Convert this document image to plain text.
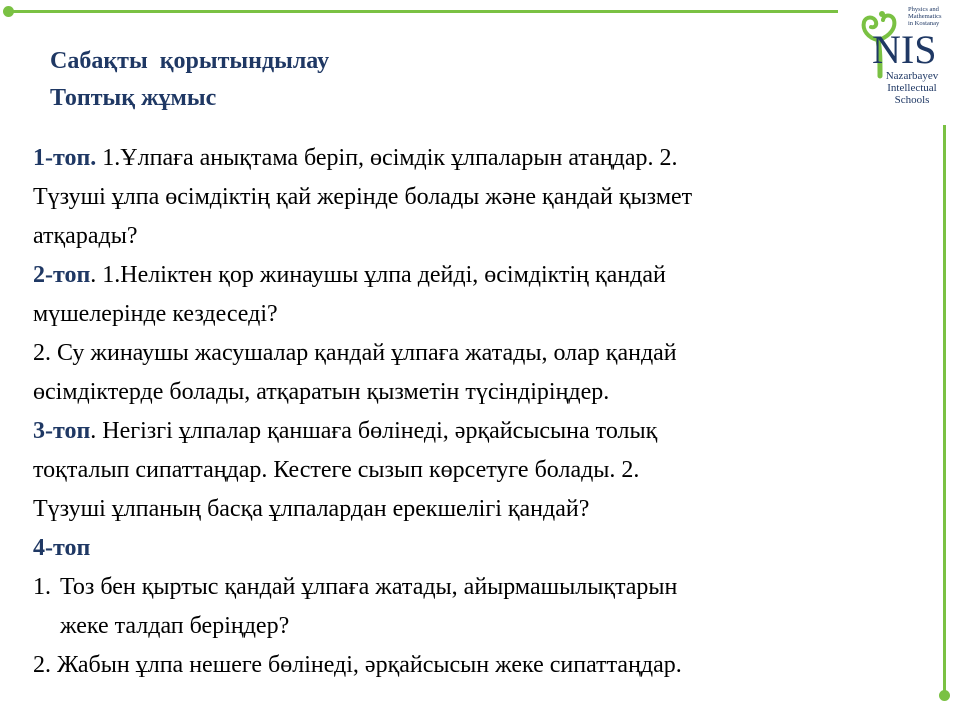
Physics and
Mathematics
in Kostanay
NIS
Nazarbayev
Intellectual
Schools
Сабақты  қорытындылау
Топтық жұмыс

1-топ. 1.Ұлпаға анықтама беріп, өсімдік ұлпаларын атаңдар. 2.

Түзуші ұлпа өсімдіктің қай жерінде болады және қандай қызмет

атқарады?

2-топ. 1.Неліктен қор жинаушы ұлпа дейді, өсімдіктің қандай

мүшелерінде кездеседі?

2. Су жинаушы жасушалар қандай ұлпаға жатады, олар қандай

өсімдіктерде болады, атқаратын қызметін түсіндіріңдер.

3-топ. Негізгі ұлпалар қаншаға бөлінеді, әрқайсысына толық

тоқталып сипаттаңдар. Кестеге сызып көрсетуге болады. 2.

Түзуші ұлпаның басқа ұлпалардан ерекшелігі қандай?

4-топ

1. Тоз бен қыртыс қандай ұлпаға жатады, айырмашылықтарын

жеке талдап беріңдер?

2. Жабын ұлпа нешеге бөлінеді, әрқайсысын жеке сипаттаңдар.
